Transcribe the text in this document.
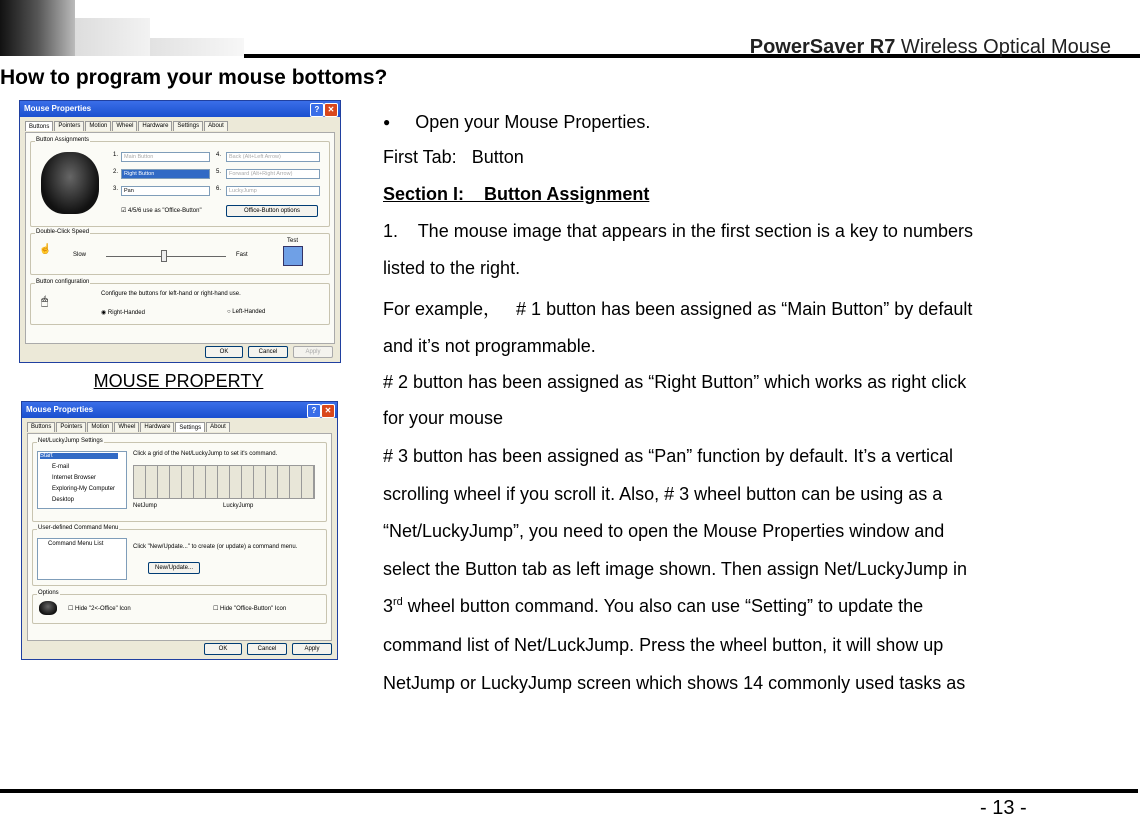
PowerSaver R7 Wireless Optical Mouse
How to program your mouse bottoms?
Mouse Properties	?	✕
Buttons	Pointers	Motion	Wheel	Hardware	Settings	About
Button Assignments
1.	Main Button
2.	Right Button
3.	Pan
4.	Back (Alt+Left Arrow)
5.	Forward (Alt+Right Arrow)
6.	LuckyJump
☑ 4/5/6 use as "Office-Button"	Office-Button options
Double-Click Speed
☝	Slow	Fast
Test
Button configuration
🖱	Configure the buttons for left-hand or right-hand use.
◉ Right-Handed	○ Left-Handed
OK	Cancel	Apply
MOUSE PROPERTY
Mouse Properties	?	✕
Buttons	Pointers	Motion	Wheel	Hardware	Settings	About
Net/LuckyJump Settings
Start
E-mail
Internet Browser
Exploring-My Computer
Desktop
Click a grid of the Net/LuckyJump to set it's command.
NetJump	LuckyJump
User-defined Command Menu
Command Menu List	Click "New/Update..." to create (or update) a command menu.
New/Update...
Options
☐ Hide "2<-Office" Icon	☐ Hide "Office-Button" Icon
OK	Cancel	Apply
● Open your Mouse Properties.
First Tab: Button
Section I:    Button Assignment
1.    The mouse image that appears in the first section is a key to numbers
listed to the right.
For example，   # 1 button has been assigned as “Main Button” by default
and it’s not programmable.
# 2 button has been assigned as “Right Button” which works as right click
for your mouse
# 3 button has been assigned as “Pan” function by default. It’s a vertical
scrolling wheel if you scroll it. Also, # 3 wheel button can be using as a
“Net/LuckyJump”, you need to open the Mouse Properties window and
select the Button tab as left image shown. Then assign Net/LuckyJump in
3rd wheel button command. You also can use “Setting” to update the
command list of Net/LuckJump. Press the wheel button, it will show up
NetJump or LuckyJump screen which shows 14 commonly used tasks as
- 13 -
